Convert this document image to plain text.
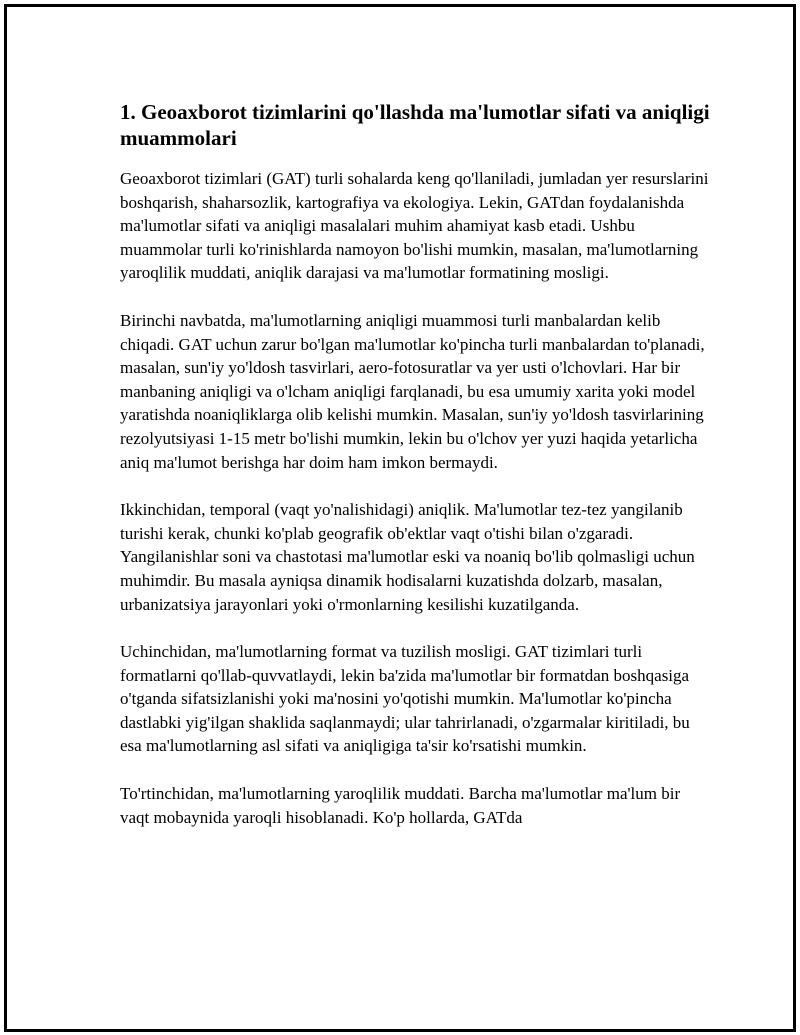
1. Geoaxborot tizimlarini qo'llashda ma'lumotlar sifati va aniqligi muammolari

Geoaxborot tizimlari (GAT) turli sohalarda keng qo'llaniladi, jumladan yer resurslarini boshqarish, shaharsozlik, kartografiya va ekologiya. Lekin, GATdan foydalanishda ma'lumotlar sifati va aniqligi masalalari muhim ahamiyat kasb etadi. Ushbu muammolar turli ko'rinishlarda namoyon bo'lishi mumkin, masalan, ma'lumotlarning yaroqlilik muddati, aniqlik darajasi va ma'lumotlar formatining mosligi.

Birinchi navbatda, ma'lumotlarning aniqligi muammosi turli manbalardan kelib chiqadi. GAT uchun zarur bo'lgan ma'lumotlar ko'pincha turli manbalardan to'planadi, masalan, sun'iy yo'ldosh tasvirlari, aero-fotosuratlar va yer usti o'lchovlari. Har bir manbaning aniqligi va o'lcham aniqligi farqlanadi, bu esa umumiy xarita yoki model yaratishda noaniqliklarga olib kelishi mumkin. Masalan, sun'iy yo'ldosh tasvirlarining rezolyutsiyasi 1-15 metr bo'lishi mumkin, lekin bu o'lchov yer yuzi haqida yetarlicha aniq ma'lumot berishga har doim ham imkon bermaydi.

Ikkinchidan, temporal (vaqt yo'nalishidagi) aniqlik. Ma'lumotlar tez-tez yangilanib turishi kerak, chunki ko'plab geografik ob'ektlar vaqt o'tishi bilan o'zgaradi. Yangilanishlar soni va chastotasi ma'lumotlar eski va noaniq bo'lib qolmasligi uchun muhimdir. Bu masala ayniqsa dinamik hodisalarni kuzatishda dolzarb, masalan, urbanizatsiya jarayonlari yoki o'rmonlarning kesilishi kuzatilganda.

Uchinchidan, ma'lumotlarning format va tuzilish mosligi. GAT tizimlari turli formatlarni qo'llab-quvvatlaydi, lekin ba'zida ma'lumotlar bir formatdan boshqasiga o'tganda sifatsizlanishi yoki ma'nosini yo'qotishi mumkin. Ma'lumotlar ko'pincha dastlabki yig'ilgan shaklida saqlanmaydi; ular tahrirlanadi, o'zgarmalar kiritiladi, bu esa ma'lumotlarning asl sifati va aniqligiga ta'sir ko'rsatishi mumkin.

To'rtinchidan, ma'lumotlarning yaroqlilik muddati. Barcha ma'lumotlar ma'lum bir vaqt mobaynida yaroqli hisoblanadi. Ko'p hollarda, GATda
